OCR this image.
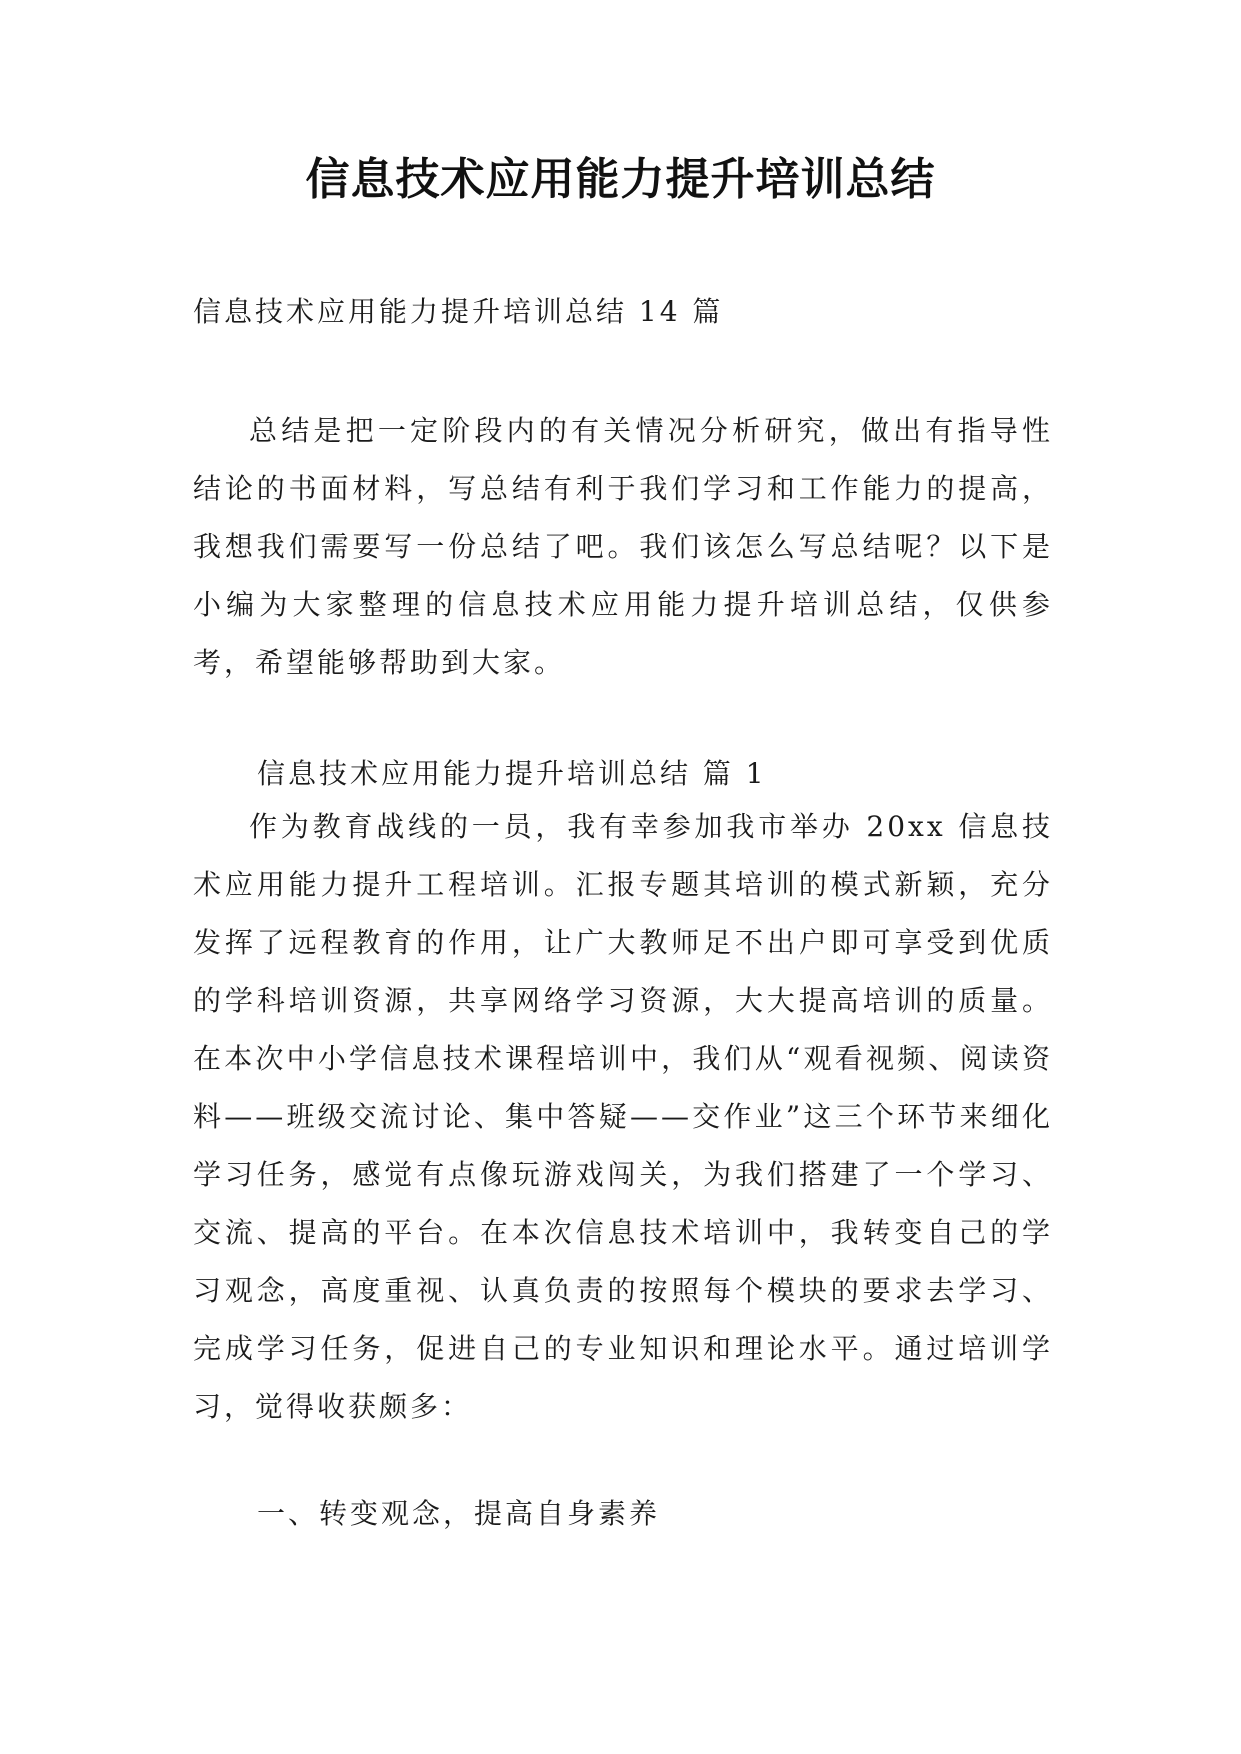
信息技术应用能力提升培训总结
信息技术应用能力提升培训总结 14 篇

总结是把一定阶段内的有关情况分析研究，做出有指导性结论的书面材料，写总结有利于我们学习和工作能力的提高，我想我们需要写一份总结了吧。我们该怎么写总结呢？以下是小编为大家整理的信息技术应用能力提升培训总结，仅供参考，希望能够帮助到大家。

信息技术应用能力提升培训总结 篇 1

作为教育战线的一员，我有幸参加我市举办 20xx 信息技术应用能力提升工程培训。汇报专题其培训的模式新颖，充分发挥了远程教育的作用，让广大教师足不出户即可享受到优质的学科培训资源，共享网络学习资源，大大提高培训的质量。在本次中小学信息技术课程培训中，我们从“观看视频、阅读资料——班级交流讨论、集中答疑——交作业”这三个环节来细化学习任务，感觉有点像玩游戏闯关，为我们搭建了一个学习、交流、提高的平台。在本次信息技术培训中，我转变自己的学习观念，高度重视、认真负责的按照每个模块的要求去学习、完成学习任务，促进自己的专业知识和理论水平。通过培训学习，觉得收获颇多：

一、转变观念，提高自身素养
